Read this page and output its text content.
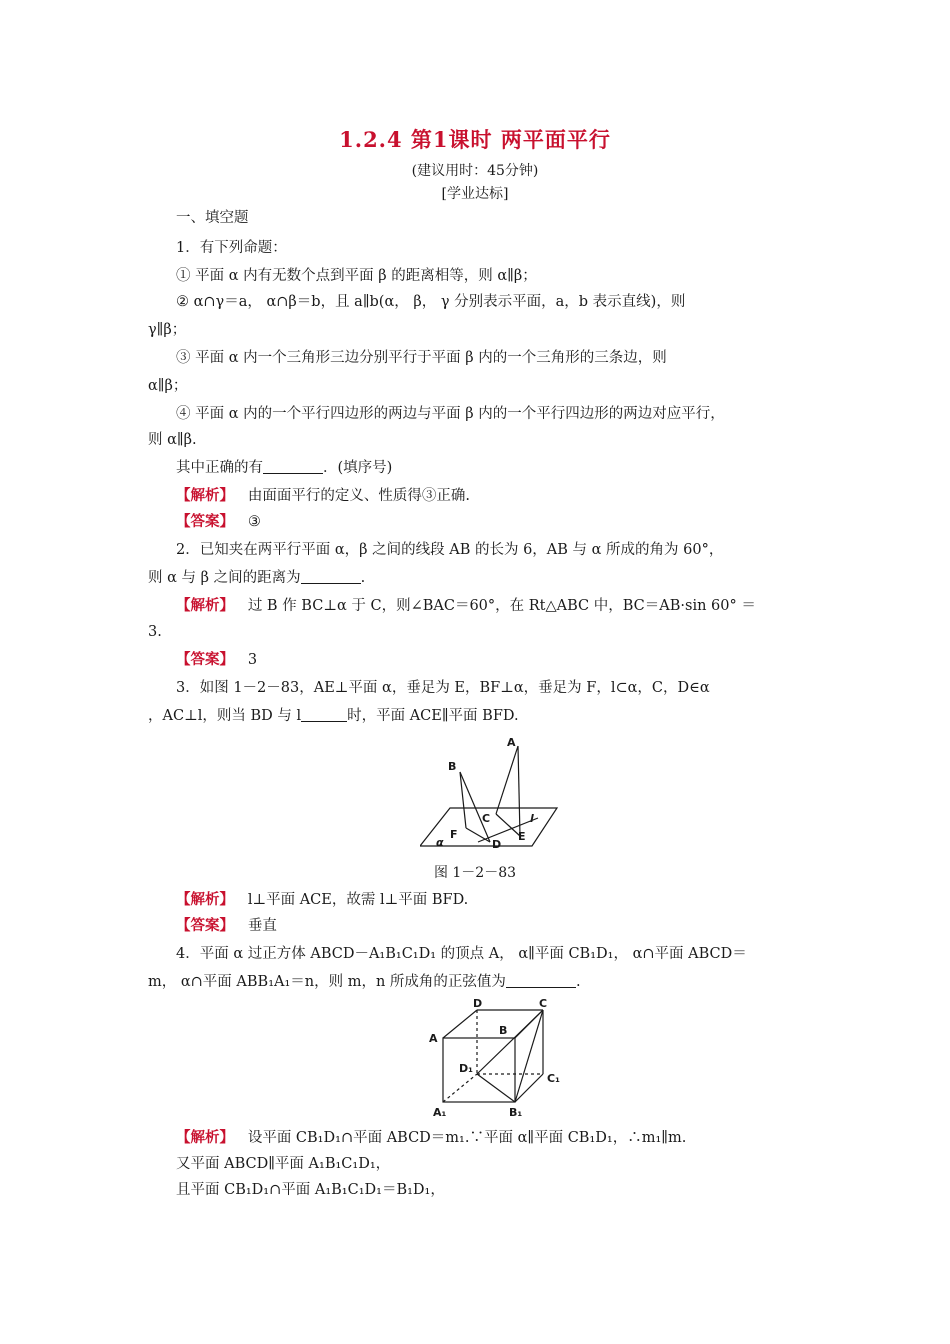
1.2.4 第1课时 两平面平行
(建议用时：45分钟)
[学业达标]
一、填空题
1．有下列命题：
① 平面 α 内有无数个点到平面 β 的距离相等，则 α∥β；
② α∩γ＝a， α∩β＝b，且 a∥b(α， β， γ 分别表示平面，a，b 表示直线)，则
γ∥β；
③ 平面 α 内一个三角形三边分别平行于平面 β 内的一个三角形的三条边，则
α∥β；
④ 平面 α 内的一个平行四边形的两边与平面 β 内的一个平行四边形的两边对应平行，
则 α∥β.
其中正确的有	．(填序号)
【解析】 由面面平行的定义、性质得③正确.
【答案】 ③
2．已知夹在两平行平面 α，β 之间的线段 AB 的长为 6，AB 与 α 所成的角为 60°，
则 α 与 β 之间的距离为	.
【解析】 过 B 作 BC⊥α 于 C，则∠BAC＝60°，在 Rt△ABC 中，BC＝AB·sin 60° ＝
3.
【答案】 3
3．如图 1－2－83，AE⊥平面 α，垂足为 E，BF⊥α，垂足为 F，l⊂α，C，D∈α
，AC⊥l，则当 BD 与 l	时，平面 ACE∥平面 BFD.
A
B
C	l
F	E
α	D
图 1－2－83
【解析】 l⊥平面 ACE，故需 l⊥平面 BFD.
【答案】 垂直
4．平面 α 过正方体 ABCD－A₁B₁C₁D₁ 的顶点 A， α∥平面 CB₁D₁， α∩平面 ABCD＝
m， α∩平面 ABB₁A₁＝n，则 m，n 所成角的正弦值为	.
D	C
A
B
D₁
C₁
A₁	B₁
【解析】 设平面 CB₁D₁∩平面 ABCD＝m₁.∵平面 α∥平面 CB₁D₁，∴m₁∥m.
又平面 ABCD∥平面 A₁B₁C₁D₁，
且平面 CB₁D₁∩平面 A₁B₁C₁D₁＝B₁D₁，
